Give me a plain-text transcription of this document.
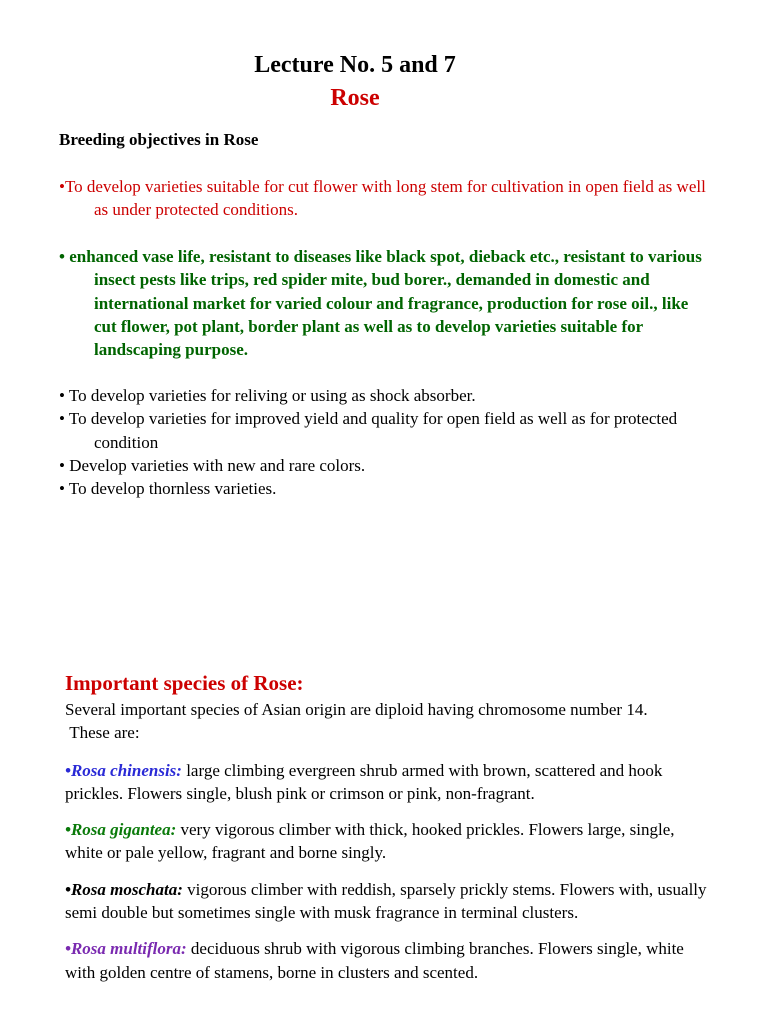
Lecture No. 5 and 7
Rose
Breeding objectives in Rose
•To develop varieties suitable for cut flower with long stem for cultivation in open field as well as under protected conditions.
• enhanced vase life, resistant to diseases like black spot, dieback etc., resistant to various insect pests like trips, red spider mite, bud borer., demanded in domestic and international market for varied colour and fragrance, production for rose oil., like cut flower, pot plant, border plant as well as to develop varieties suitable for landscaping purpose.
• To develop varieties for reliving or using as shock absorber.
• To develop varieties for improved yield and quality for open field as well as for protected condition
• Develop varieties with new and rare colors.
• To develop thornless varieties.
Important species of Rose:

Several important species of Asian origin are diploid having chromosome number 14.

These are:

•Rosa chinensis: large climbing evergreen shrub armed with brown, scattered and hook prickles. Flowers single, blush pink or crimson or pink, non-fragrant.

•Rosa gigantea: very vigorous climber with thick, hooked prickles. Flowers large, single, white or pale yellow, fragrant and borne singly.

•Rosa moschata: vigorous climber with reddish, sparsely prickly stems. Flowers with, usually semi double but sometimes single with musk fragrance in terminal clusters.

•Rosa multiflora: deciduous shrub with vigorous climbing branches. Flowers single, white with golden centre of stamens, borne in clusters and scented.
